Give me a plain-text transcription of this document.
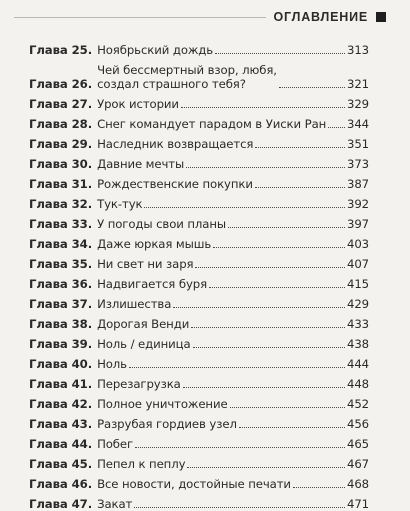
ОГЛАВЛЕНИЕ
Глава 25. Ноябрьский дождь	313
Глава 26.
Чей бессмертный взор, любя,
создал страшного тебя?	321
Глава 27. Урок истории	329
Глава 28. Снег командует парадом в Уиски Ран 344
Глава 29. Наследник возвращается	351
Глава 30. Давние мечты	373
Глава 31. Рождественские покупки	387
Глава 32. Тук-тук	392
Глава 33. У погоды свои планы	397
Глава 34. Даже юркая мышь	403
Глава 35. Ни свет ни заря	407
Глава 36. Надвигается буря	415
Глава 37. Излишества	429
Глава 38. Дорогая Венди	433
Глава 39. Ноль / единица	438
Глава 40. Ноль	444
Глава 41. Перезагрузка	448
Глава 42. Полное уничтожение	452
Глава 43. Разрубая гордиев узел	456
Глава 44. Побег	465
Глава 45. Пепел к пеплу	467
Глава 46. Все новости, достойные печати	468
Глава 47. Закат	471
